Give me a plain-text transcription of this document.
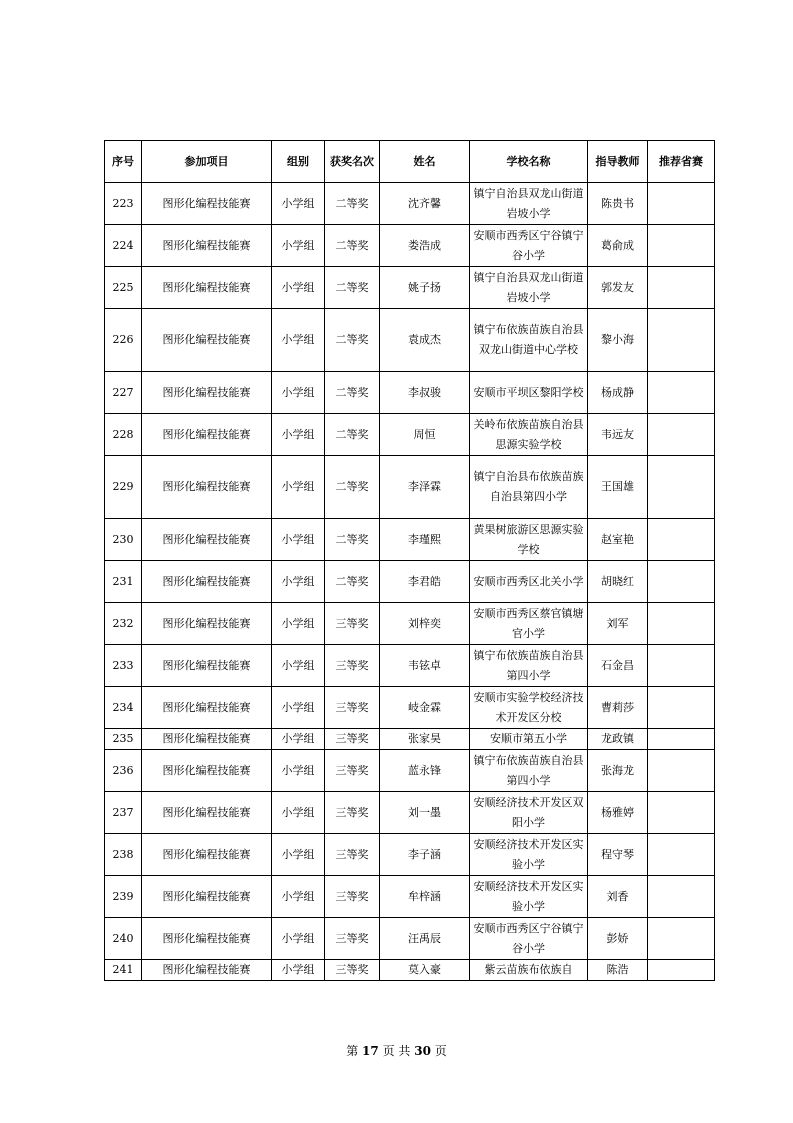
序号	参加项目	组别	获奖名次	姓名	学校名称	指导教师	推荐省赛
223	图形化编程技能赛	小学组	二等奖	沈齐馨	镇宁自治县双龙山街道岩坡小学	陈贵书	
224	图形化编程技能赛	小学组	二等奖	娄浩成	安顺市西秀区宁谷镇宁谷小学	葛俞成	
225	图形化编程技能赛	小学组	二等奖	姚子扬	镇宁自治县双龙山街道岩坡小学	郭发友	
226	图形化编程技能赛	小学组	二等奖	袁成杰	镇宁布依族苗族自治县双龙山街道中心学校	黎小海	
227	图形化编程技能赛	小学组	二等奖	李叔骏	安顺市平坝区黎阳学校	杨成静	
228	图形化编程技能赛	小学组	二等奖	周恒	关岭布依族苗族自治县思源实验学校	韦远友	
229	图形化编程技能赛	小学组	二等奖	李泽霖	镇宁自治县布依族苗族自治县第四小学	王国雄	
230	图形化编程技能赛	小学组	二等奖	李瑾熙	黄果树旅游区思源实验学校	赵室艳	
231	图形化编程技能赛	小学组	二等奖	李君皓	安顺市西秀区北关小学	胡晓红	
232	图形化编程技能赛	小学组	三等奖	刘梓奕	安顺市西秀区蔡官镇塘官小学	刘军	
233	图形化编程技能赛	小学组	三等奖	韦铉卓	镇宁布依族苗族自治县第四小学	石金昌	
234	图形化编程技能赛	小学组	三等奖	岐金霖	安顺市实验学校经济技术开发区分校	曹莉莎	
235	图形化编程技能赛	小学组	三等奖	张家昊	安顺市第五小学	龙政镇	
236	图形化编程技能赛	小学组	三等奖	蓝永锋	镇宁布依族苗族自治县第四小学	张海龙	
237	图形化编程技能赛	小学组	三等奖	刘一墨	安顺经济技术开发区双阳小学	杨雅婷	
238	图形化编程技能赛	小学组	三等奖	李子涵	安顺经济技术开发区实验小学	程守琴	
239	图形化编程技能赛	小学组	三等奖	牟梓涵	安顺经济技术开发区实验小学	刘香	
240	图形化编程技能赛	小学组	三等奖	汪禹辰	安顺市西秀区宁谷镇宁谷小学	彭娇	
241	图形化编程技能赛	小学组	三等奖	莫入豪	紫云苗族布依族自	陈浩	
第 17 页 共 30 页
